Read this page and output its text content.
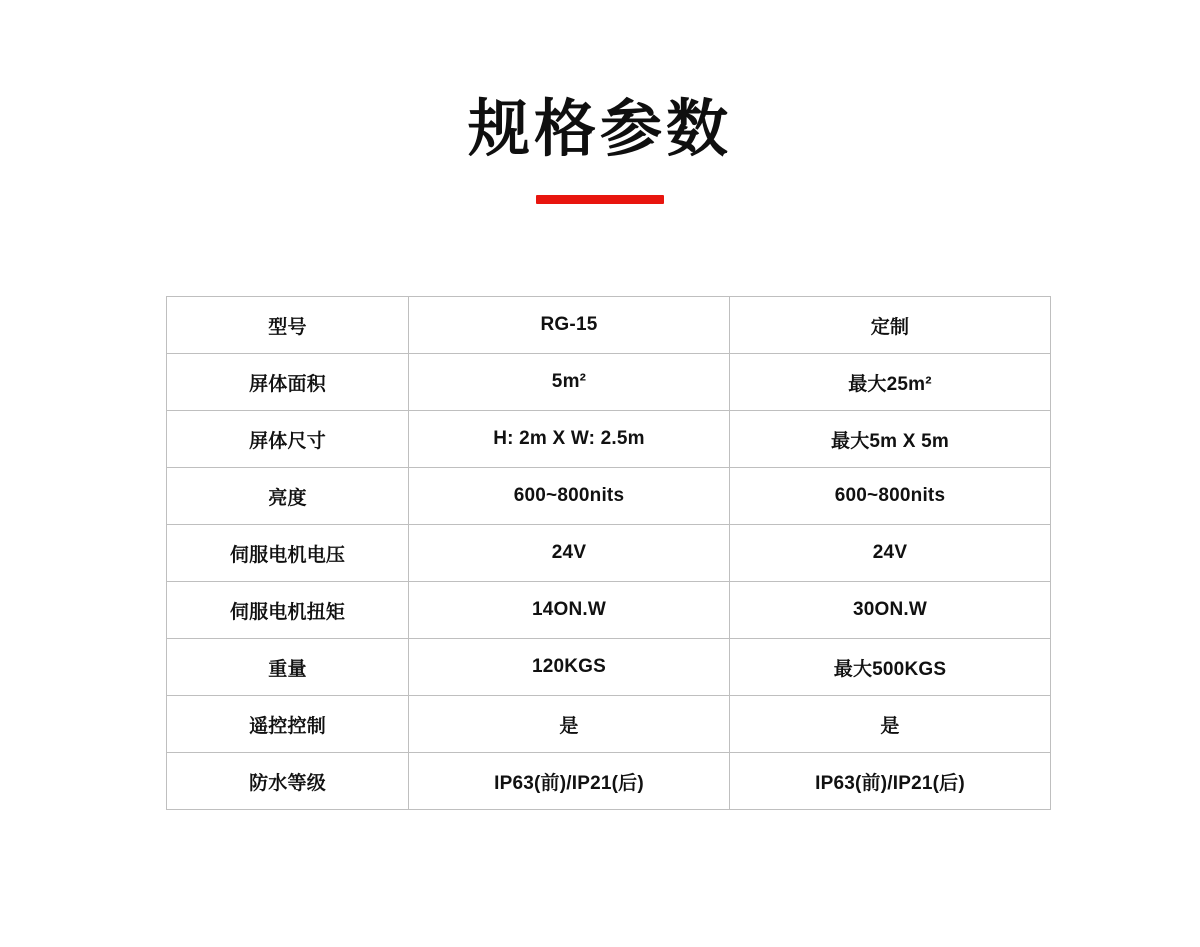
规格参数
型号	RG-15	定制
屏体面积	5m²	最大25m²
屏体尺寸	H: 2m X W: 2.5m	最大5m X 5m
亮度	600~800nits	600~800nits
伺服电机电压	24V	24V
伺服电机扭矩	14ON.W	30ON.W
重量	120KGS	最大500KGS
遥控控制	是	是
防水等级	IP63(前)/IP21(后)	IP63(前)/IP21(后)
